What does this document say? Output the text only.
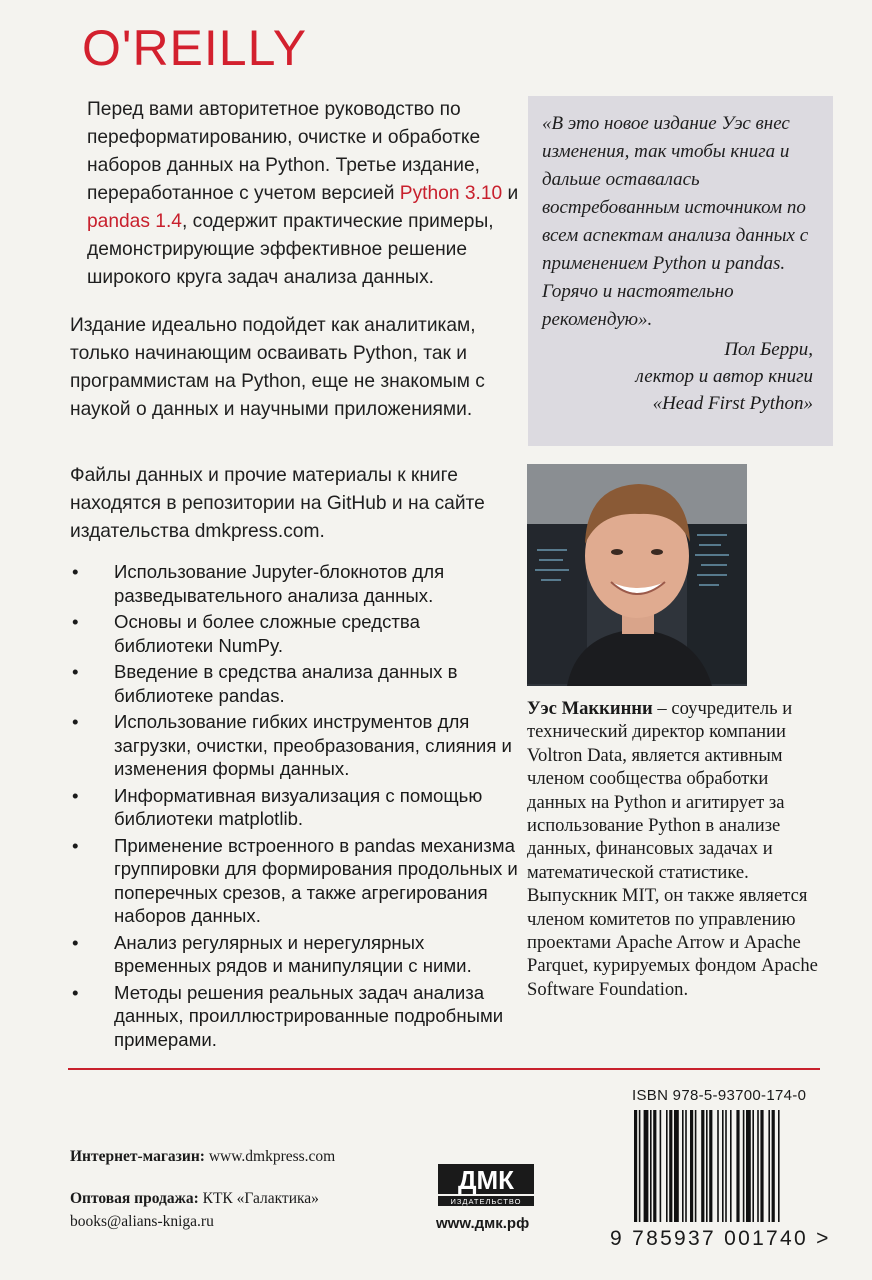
O'REILLY

Перед вами авторитетное руководство по переформатированию, очистке и обработке наборов данных на Python. Третье издание, переработанное с учетом версией Python 3.10 и pandas 1.4, содержит практические примеры, демонстрирующие эффективное решение широкого круга задач анализа данных.

Издание идеально подойдет как аналитикам, только начинающим осваивать Python, так и программистам на Python, еще не знакомым с наукой о данных и научными приложениями.

Файлы данных и прочие материалы к книге находятся в репозитории на GitHub и на сайте издательства dmkpress.com.

• Использование Jupyter-блокнотов для разведывательного анализа данных.
• Основы и более сложные средства библиотеки NumPy.
• Введение в средства анализа данных в библиотеке pandas.
• Использование гибких инструментов для загрузки, очистки, преобразования, слияния и изменения формы данных.
• Информативная визуализация с помощью библиотеки matplotlib.
• Применение встроенного в pandas механизма группировки для формирования продольных и поперечных срезов, а также агрегирования наборов данных.
• Анализ регулярных и нерегулярных временных рядов и манипуляции с ними.
• Методы решения реальных задач анализа данных, проиллюстрированные подробными примерами.
«В это новое издание Уэс внес изменения, так чтобы книга и дальше оставалась востребованным источником по всем аспектам анализа данных с применением Python и pandas. Горячо и настоятельно рекомендую».
Пол Берри,
лектор и автор книги
«Head First Python»
Уэс Маккинни – соучредитель и технический директор компании Voltron Data, является активным членом сообщества обработки данных на Python и агитирует за использование Python в анализе данных, финансовых задачах и математической статистике. Выпускник MIT, он также является членом комитетов по управлению проектами Apache Arrow и Apache Parquet, курируемых фондом Apache Software Foundation.
ISBN 978-5-93700-174-0
9 785937 001740 >
Интернет-магазин: www.dmkpress.com
Оптовая продажа: КТК «Галактика»
books@alians-kniga.ru
ДМК
ИЗДАТЕЛЬСТВО
www.дмк.рф
